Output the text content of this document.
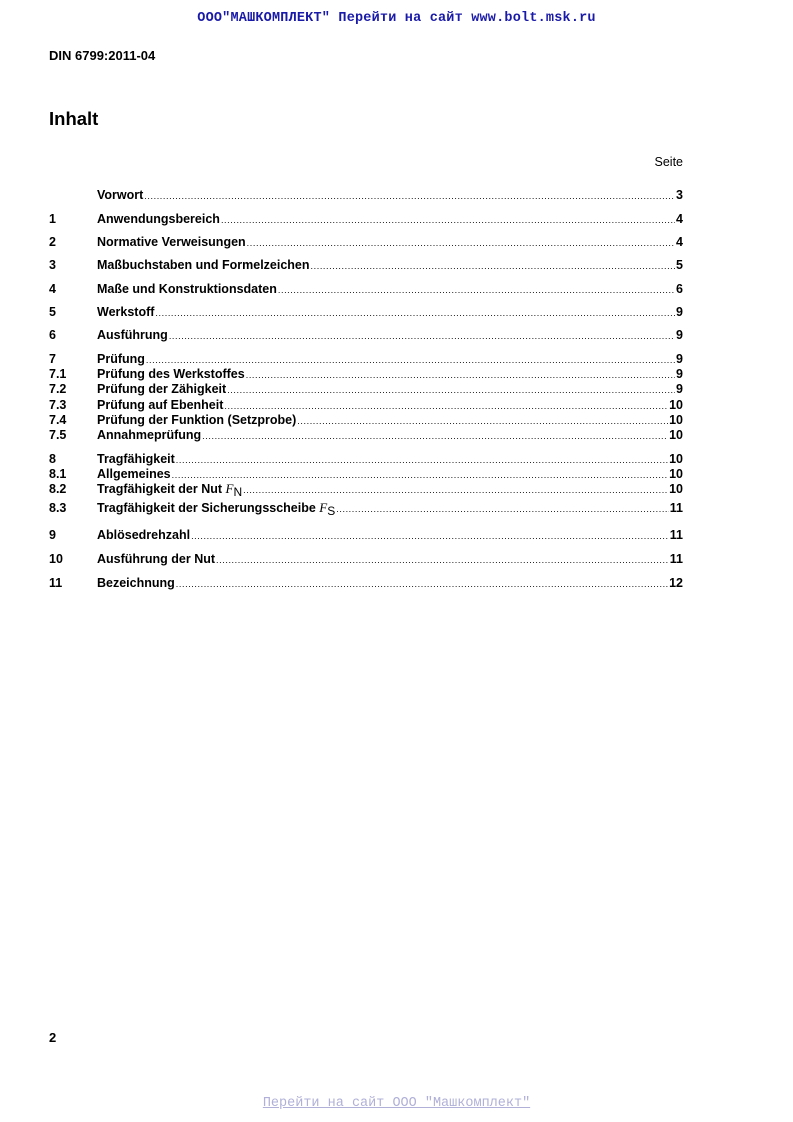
ООО"МАШКОМПЛЕКТ" Перейти на сайт www.bolt.msk.ru
DIN 6799:2011-04
Inhalt
Seite
Vorwort .....	3
1	Anwendungsbereich .....	4
2	Normative Verweisungen .....	4
3	Maßbuchstaben und Formelzeichen .....	5
4	Maße und Konstruktionsdaten .....	6
5	Werkstoff .....	9
6	Ausführung .....	9
7	Prüfung .....	9
7.1	Prüfung des Werkstoffes .....	9
7.2	Prüfung der Zähigkeit .....	9
7.3	Prüfung auf Ebenheit .....	10
7.4	Prüfung der Funktion (Setzprobe) .....	10
7.5	Annahmeprüfung .....	10
8	Tragfähigkeit .....	10
8.1	Allgemeines .....	10
8.2	Tragfähigkeit der Nut $F_N$ .....	10
8.3	Tragfähigkeit der Sicherungsscheibe $F_S$ .....	11
9	Ablösedrehzahl .....	11
10	Ausführung der Nut .....	11
11	Bezeichnung .....	12
2
Перейти на сайт ООО "Машкомплект"
